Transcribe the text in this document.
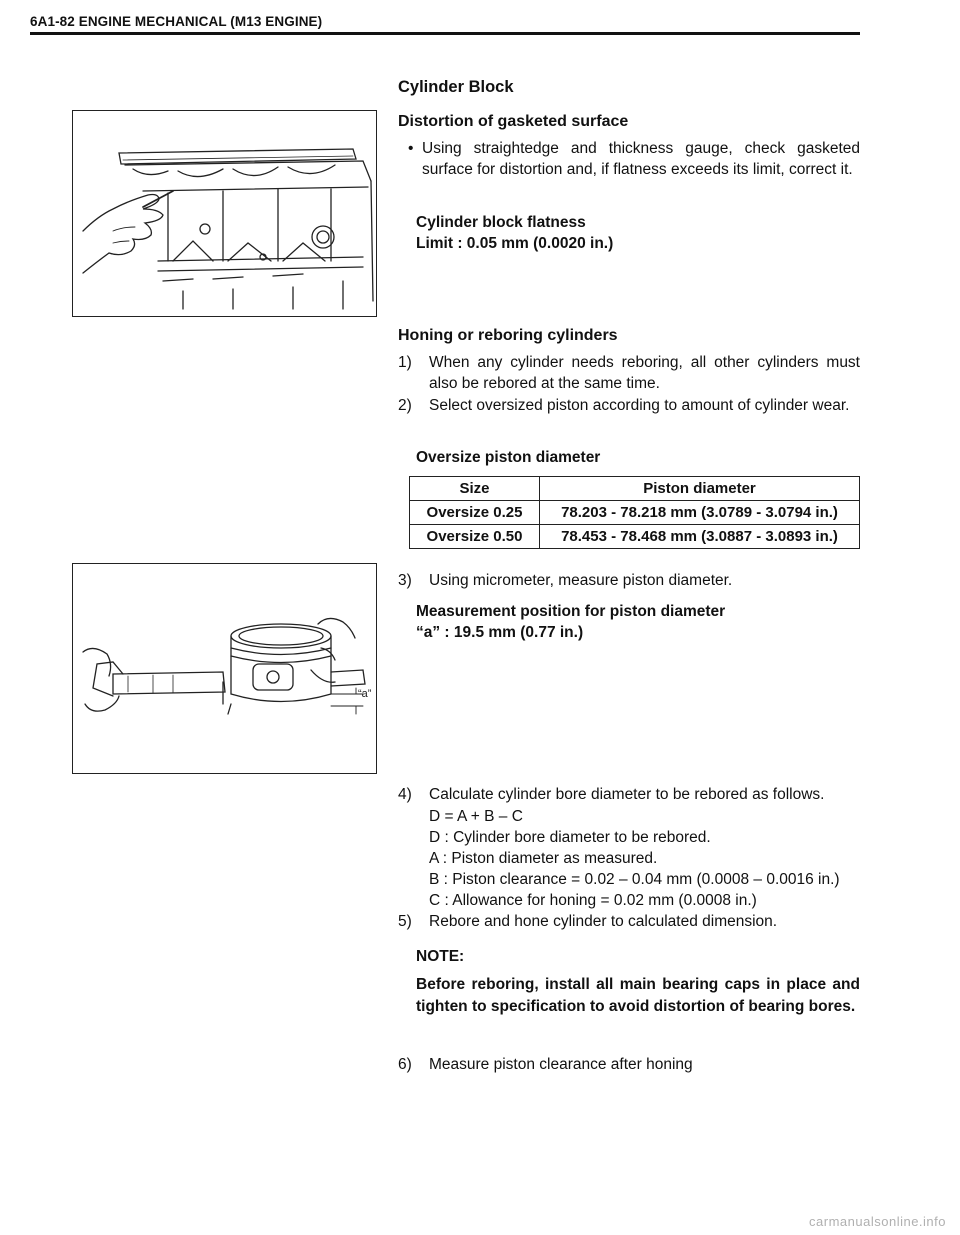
6A1-82 ENGINE MECHANICAL (M13 ENGINE)
Cylinder Block
Distortion of gasketed surface
• Using straightedge and thickness gauge, check gasketed surface for distortion and, if flatness exceeds its limit, correct it.
Cylinder block flatness
Limit : 0.05 mm (0.0020 in.)
Honing or reboring cylinders
1)	When any cylinder needs reboring, all other cylinders must also be rebored at the same time.
2)	Select oversized piston according to amount of cylinder wear.
Oversize piston diameter
Size	Piston diameter
Oversize 0.25	78.203 - 78.218 mm (3.0789 - 3.0794 in.)
Oversize 0.50	78.453 - 78.468 mm (3.0887 - 3.0893 in.)
“a”
3)	Using micrometer, measure piston diameter.
Measurement position for piston diameter
“a” : 19.5 mm (0.77 in.)
4)	Calculate cylinder bore diameter to be rebored as follows.
D = A + B – C
D : Cylinder bore diameter to be rebored.
A : Piston diameter as measured.
B : Piston clearance = 0.02 – 0.04 mm (0.0008 – 0.0016 in.)
C : Allowance for honing = 0.02 mm (0.0008 in.)
5)	Rebore and hone cylinder to calculated dimension.
NOTE:
Before reboring, install all main bearing caps in place and tighten to specification to avoid distortion of bearing bores.
6)	Measure piston clearance after honing
carmanualsonline.info
